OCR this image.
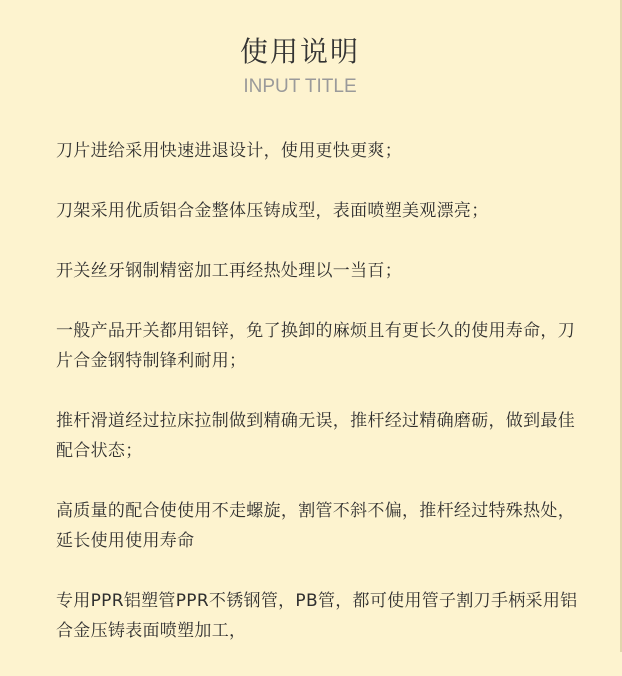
使用说明
INPUT TITLE
刀片进给采用快速进退设计，使用更快更爽；
刀架采用优质铝合金整体压铸成型，表面喷塑美观漂亮；
开关丝牙钢制精密加工再经热处理以一当百；
一般产品开关都用铝锌，免了换卸的麻烦且有更长久的使用寿命，刀片合金钢特制锋利耐用；
推杆滑道经过拉床拉制做到精确无误，推杆经过精确磨砺，做到最佳配合状态；
高质量的配合使使用不走螺旋，割管不斜不偏，推杆经过特殊热处，延长使用使用寿命
专用PPR铝塑管PPR不锈钢管，PB管，都可使用管子割刀手柄采用铝合金压铸表面喷塑加工，
